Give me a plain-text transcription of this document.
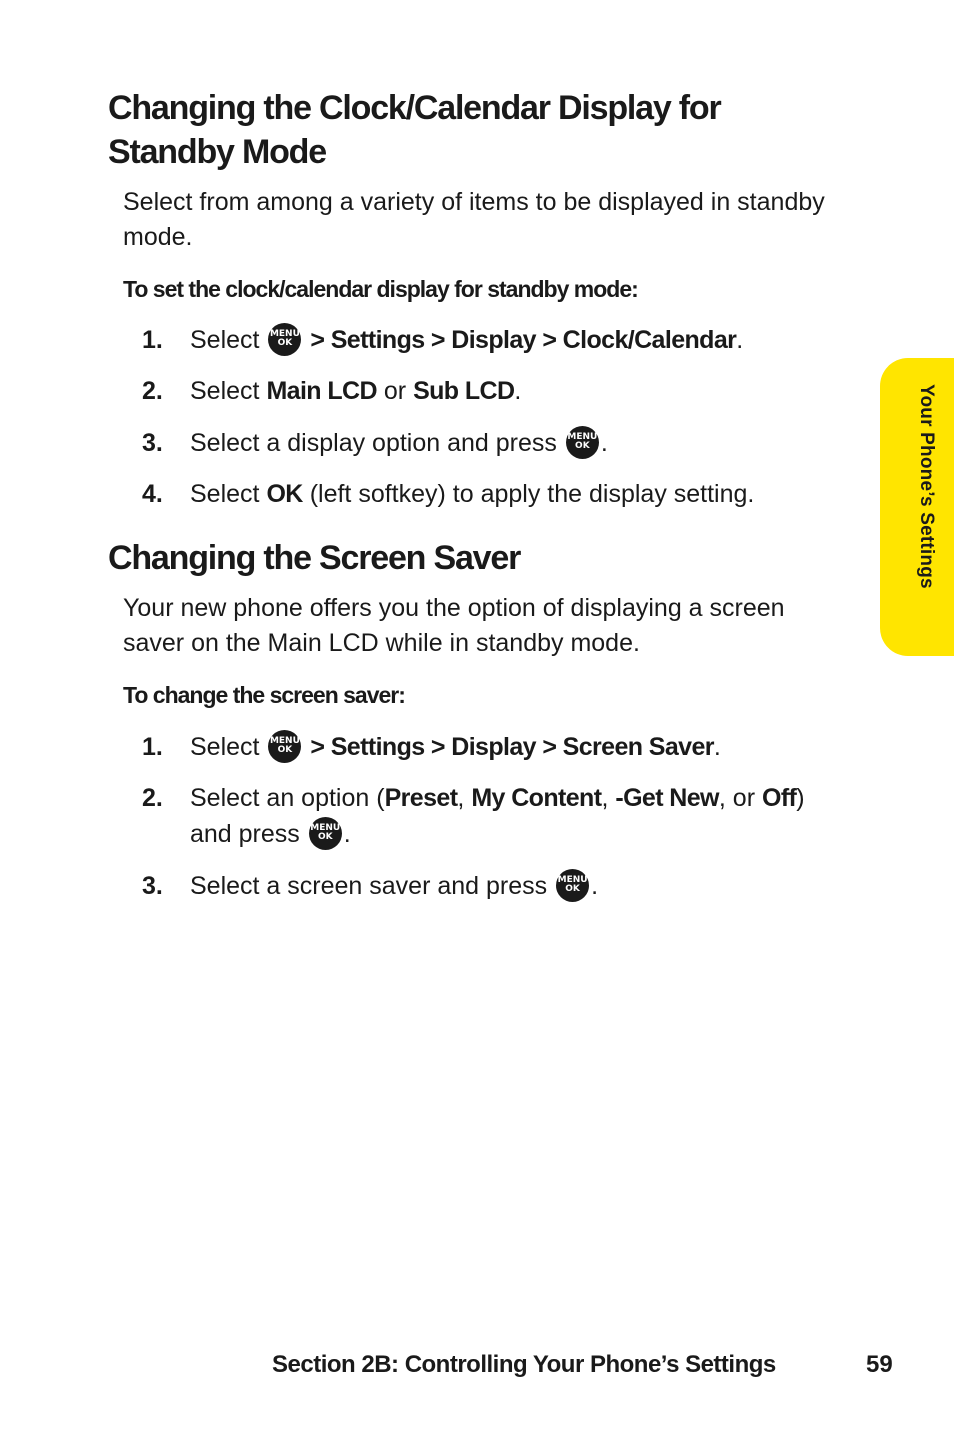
Changing the Clock/Calendar Display for Standby Mode

Select from among a variety of items to be displayed in standby mode.

To set the clock/calendar display for standby mode:

1.	Select MENU
OK > Settings > Display > Clock/Calendar.
2.	Select Main LCD or Sub LCD.
3.	Select a display option and press MENU
OK .
4.	Select OK (left softkey) to apply the display setting.
Changing the Screen Saver

Your new phone offers you the option of displaying a screen saver on the Main LCD while in standby mode.

To change the screen saver:

1.	Select MENU
OK > Settings > Display > Screen Saver.
2.	Select an option (Preset, My Content, -Get New, or Off) and press MENU
OK .
3.	Select a screen saver and press MENU
OK .
Your Phone’s Settings
Section 2B: Controlling Your Phone’s Settings	59
